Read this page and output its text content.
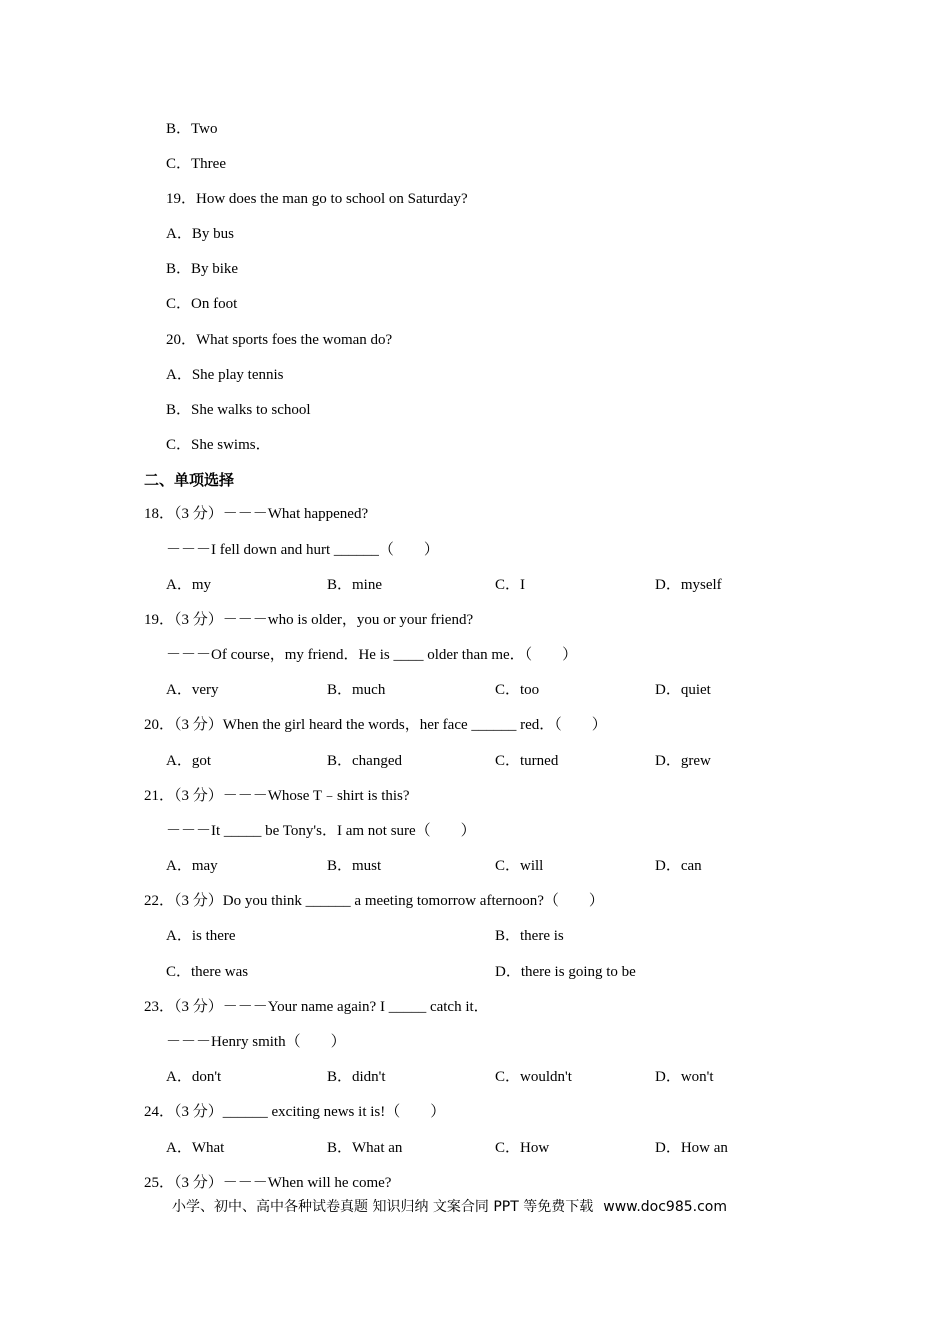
B．Two
C．Three
19．How does the man go to school on Saturday?
A．By bus
B．By bike
C．On foot
20．What sports foes the woman do?
A．She play tennis
B．She walks to school
C．She swims．
二、单项选择
18．（3 分）－－－What happened?
－－－I fell down and hurt ______（　　）
A．my	B．mine	C．I	D．myself
19．（3 分）－－－who is older，you or your friend?
－－－Of course，my friend．He is ____ older than me．（　　）
A．very	B．much	C．too	D．quiet
20．（3 分）When the girl heard the words，her face ______ red．（　　）
A．got	B．changed	C．turned	D．grew
21．（3 分）－－－Whose T﹣shirt is this?
－－－It _____ be Tony's．I am not sure（　　）
A．may	B．must	C．will	D．can
22．（3 分）Do you think ______ a meeting tomorrow afternoon?（　　）
A．is there	B．there is
C．there was	D．there is going to be
23．（3 分）－－－Your name again? I _____ catch it．
－－－Henry smith（　　）
A．don't	B．didn't	C．wouldn't	D．won't
24．（3 分）______ exciting news it is!（　　）
A．What	B．What an	C．How	D．How an
25．（3 分）－－－When will he come?
小学、初中、高中各种试卷真题 知识归纳 文案合同 PPT 等免费下载 www.doc985.com
